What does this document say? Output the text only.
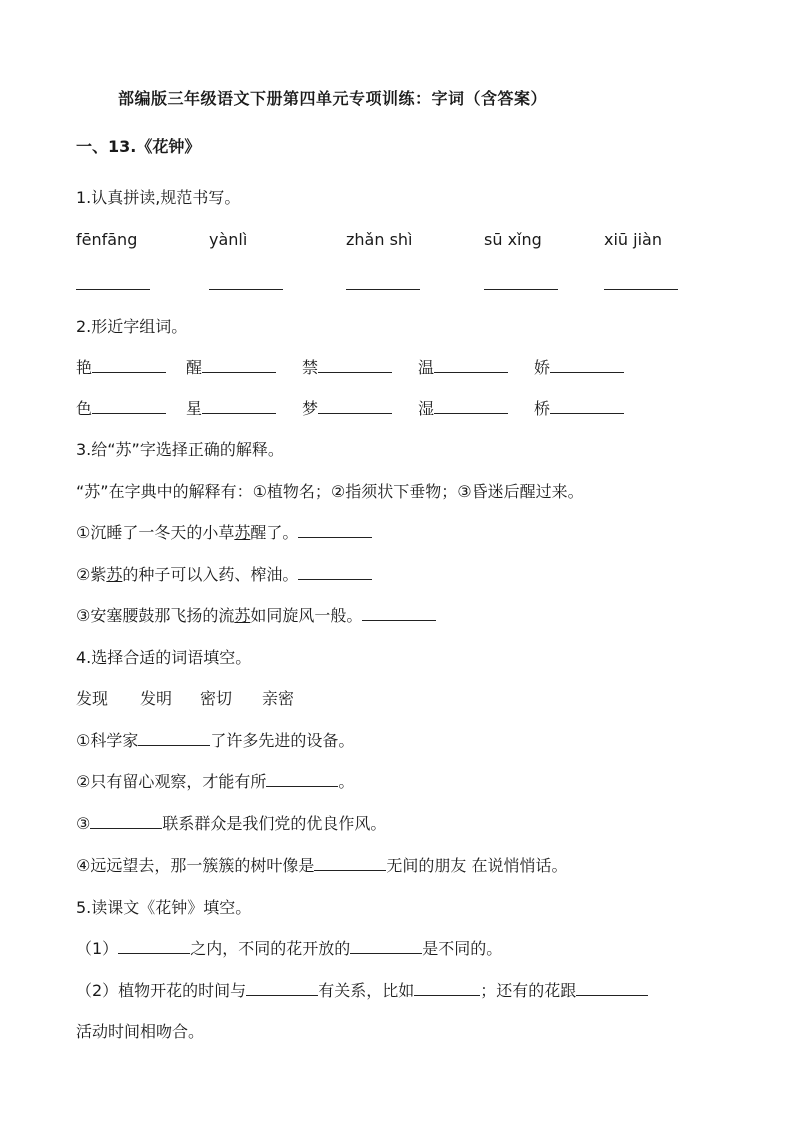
部编版三年级语文下册第四单元专项训练：字词（含答案）
一、13.《花钟》
1.认真拼读,规范书写。
fēnfāng	yànlì	zhǎn shì	sū xǐng	xiū jiàn
2.形近字组词。
艳	醒	禁	温	娇
色	星	梦	湿	桥
3.给“苏”字选择正确的解释。
“苏”在字典中的解释有：①植物名；②指须状下垂物；③昏迷后醒过来。
①沉睡了一冬天的小草苏醒了。
②紫苏的种子可以入药、榨油。
③安塞腰鼓那飞扬的流苏如同旋风一般。
4.选择合适的词语填空。
发现 发明 密切 亲密
①科学家	了许多先进的设备。
②只有留心观察，才能有所	。
③	联系群众是我们党的优良作风。
④远远望去，那一簇簇的树叶像是	无间的朋友 在说悄悄话。
5.读课文《花钟》填空。
（1）	之内，不同的花开放的	是不同的。
（2）植物开花的时间与	有关系，比如	；还有的花跟
活动时间相吻合。
